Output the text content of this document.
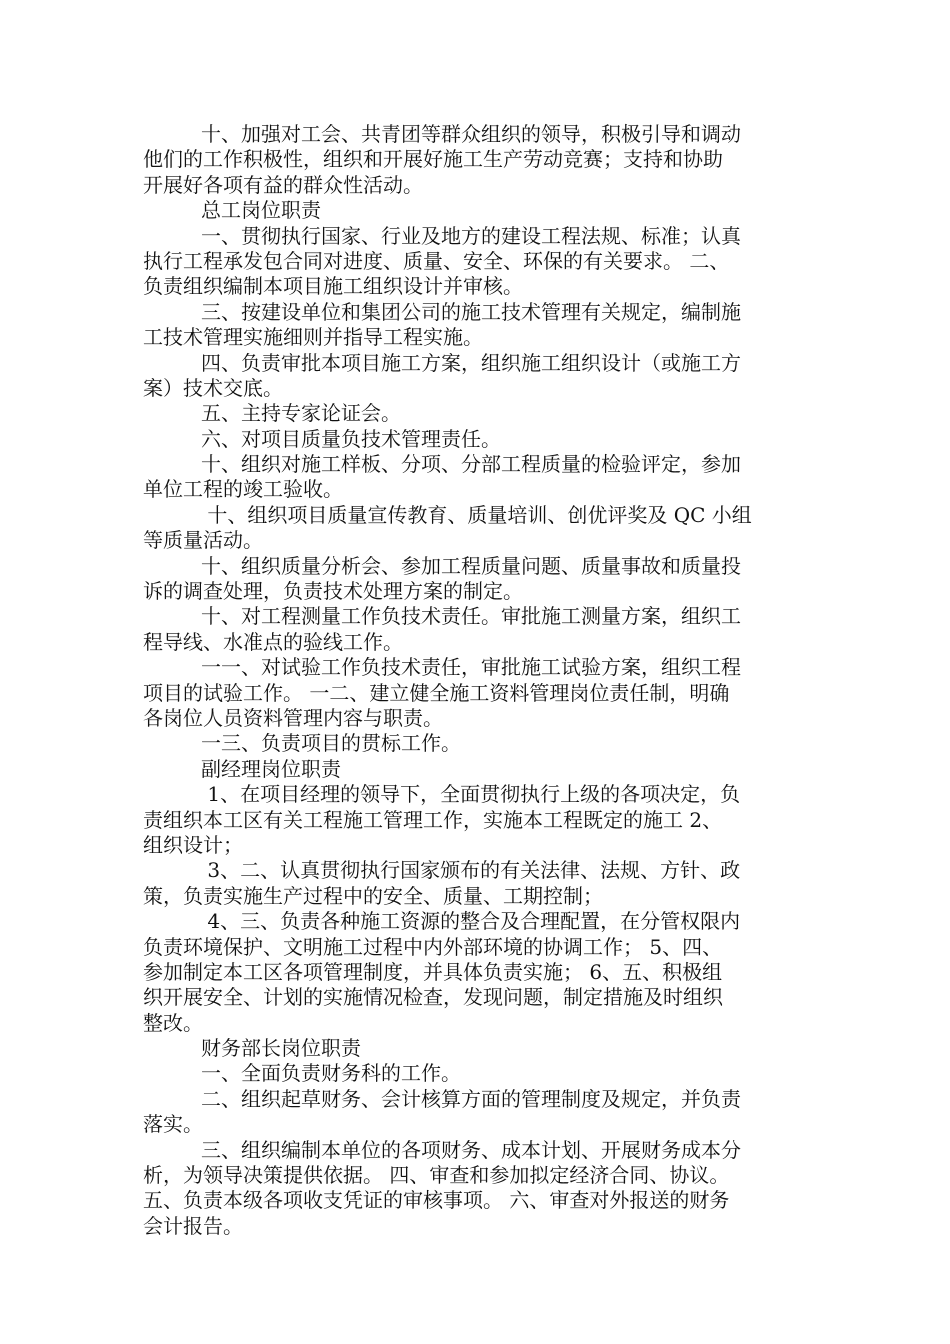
十、加强对工会、共青团等群众组织的领导，积极引导和调动
他们的工作积极性，组织和开展好施工生产劳动竞赛；支持和协助
开展好各项有益的群众性活动。
总工岗位职责
一、贯彻执行国家、行业及地方的建设工程法规、标准；认真
执行工程承发包合同对进度、质量、安全、环保的有关要求。 二、
负责组织编制本项目施工组织设计并审核。
三、按建设单位和集团公司的施工技术管理有关规定，编制施
工技术管理实施细则并指导工程实施。
四、负责审批本项目施工方案，组织施工组织设计（或施工方
案）技术交底。
五、主持专家论证会。
六、对项目质量负技术管理责任。
十、组织对施工样板、分项、分部工程质量的检验评定，参加
单位工程的竣工验收。
十、组织项目质量宣传教育、质量培训、创优评奖及 QC 小组
等质量活动。
十、组织质量分析会、参加工程质量问题、质量事故和质量投
诉的调查处理，负责技术处理方案的制定。
十、对工程测量工作负技术责任。审批施工测量方案，组织工
程导线、水准点的验线工作。
一一、对试验工作负技术责任，审批施工试验方案，组织工程
项目的试验工作。 一二、建立健全施工资料管理岗位责任制，明确
各岗位人员资料管理内容与职责。
一三、负责项目的贯标工作。
副经理岗位职责
1、在项目经理的领导下，全面贯彻执行上级的各项决定，负
责组织本工区有关工程施工管理工作，实施本工程既定的施工 2、
组织设计；
3、二、认真贯彻执行国家颁布的有关法律、法规、方针、政
策，负责实施生产过程中的安全、质量、工期控制；
4、三、负责各种施工资源的整合及合理配置，在分管权限内
负责环境保护、文明施工过程中内外部环境的协调工作； 5、四、
参加制定本工区各项管理制度，并具体负责实施； 6、五、积极组
织开展安全、计划的实施情况检查，发现问题，制定措施及时组织
整改。
财务部长岗位职责
一、全面负责财务科的工作。
二、组织起草财务、会计核算方面的管理制度及规定，并负责
落实。
三、组织编制本单位的各项财务、成本计划、开展财务成本分
析，为领导决策提供依据。 四、审查和参加拟定经济合同、协议。
五、负责本级各项收支凭证的审核事项。 六、审查对外报送的财务
会计报告。
